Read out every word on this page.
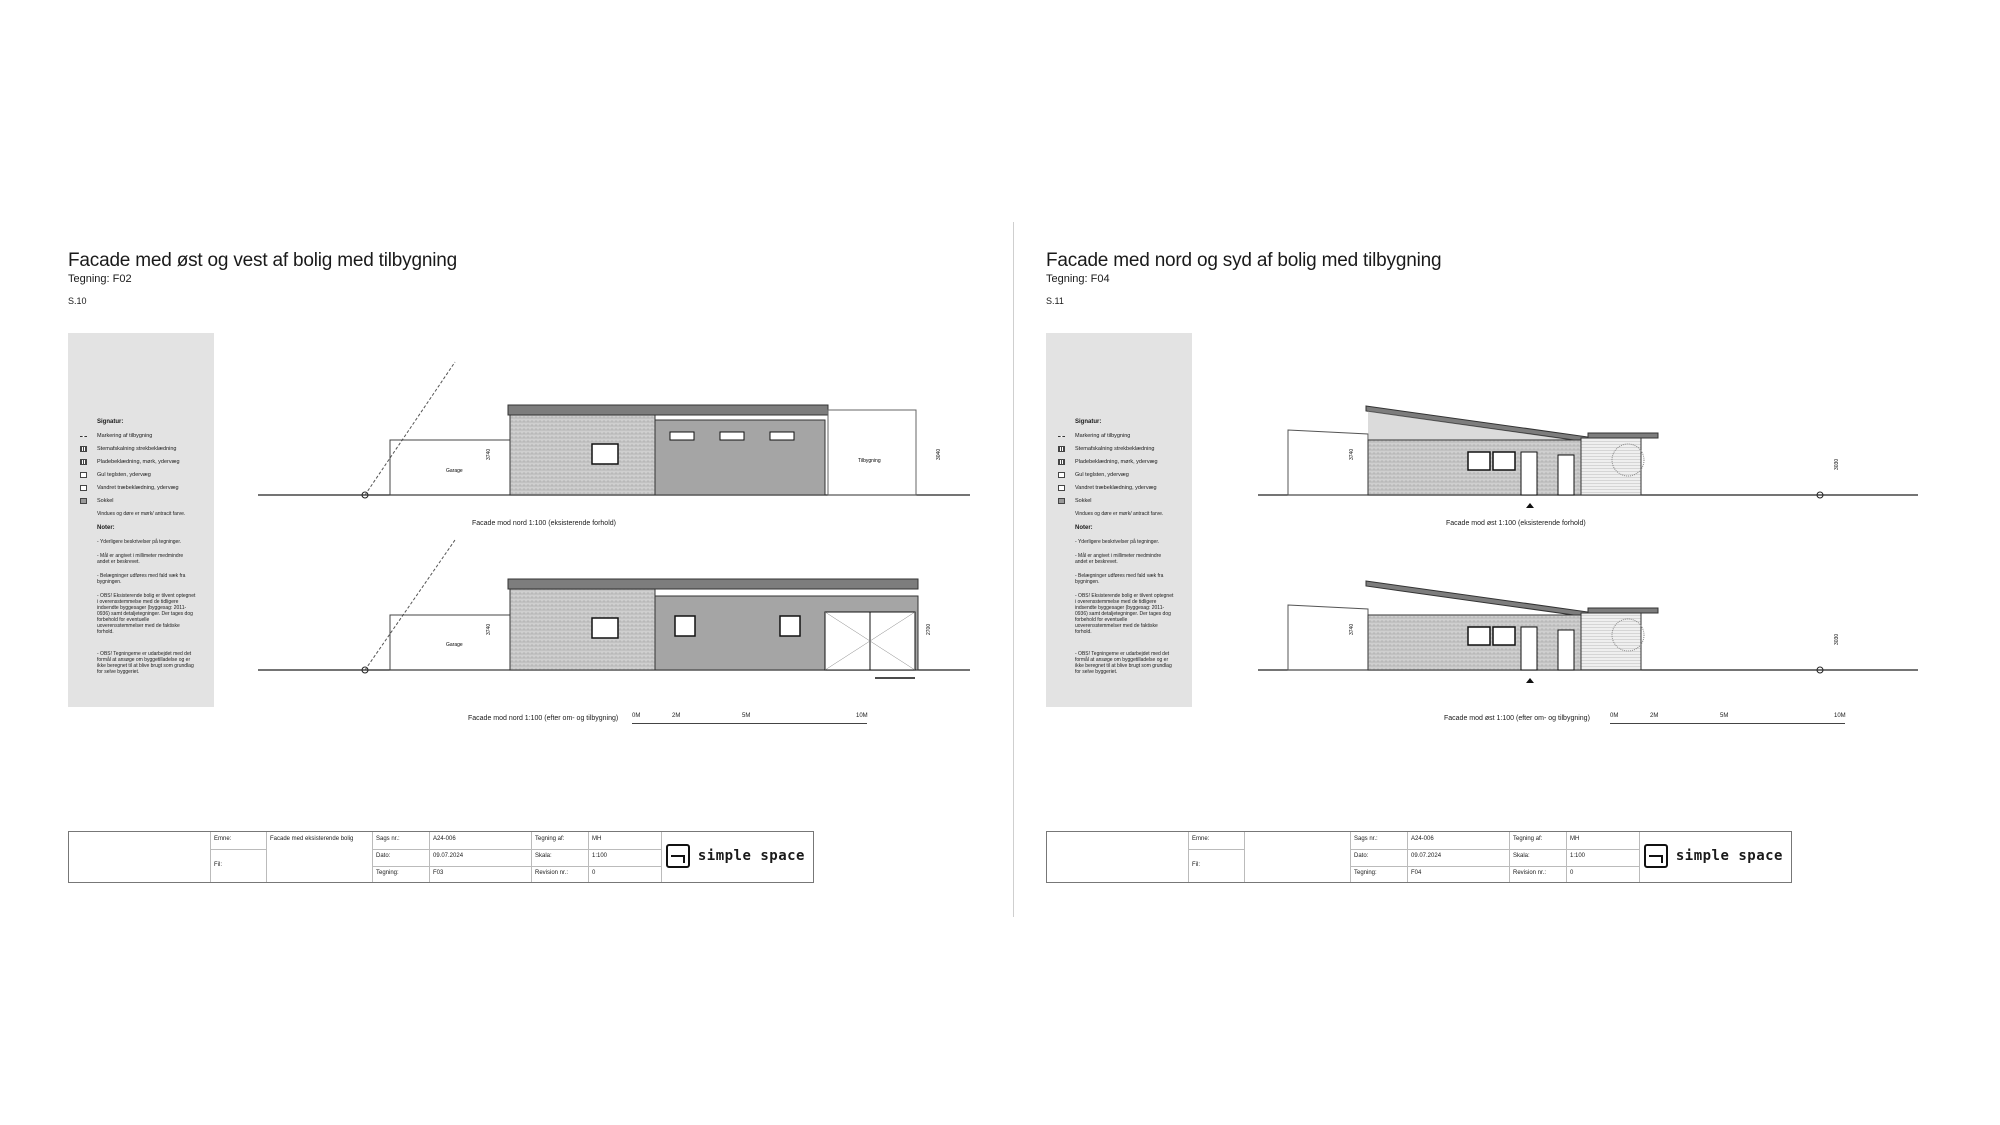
Facade med øst og vest af bolig med tilbygning
Tegning: F02
S.10
Signatur:
Markering af tilbygning
Stemafskalning strekbeklædning
Pladebeklædning, mørk, ydervæg
Gul teglsten, ydervæg
Vandret træbeklædning, ydervæg
Sokkel
Vindues og døre er mørk/ antracit farve.
Noter:
- Yderligere beskrivelser på tegninger.
- Mål er angivet i millimeter medmindre andet er beskrevet.
- Belægninger udføres med fald væk fra bygningen.
- OBS! Eksisterende bolig er tilvent optegnet i overensstemmelse med de tidligere indsendte byggesager (byggesag: 2011-0936) samt detaljetegninger. Der tages dog forbehold for eventuelle uoverensstemmelser med de faktiske forhold.
- OBS! Tegningerne er udarbejdet med det formål at ansøge om byggetilladelse og er ikke beregnet til at blive brugt som grundlag for selve byggeriet.
Garage
Tilbygning
3740	3040
Garage
3740	2700
Facade mod nord 1:100 (eksisterende forhold)
Facade mod nord 1:100 (efter om- og tilbygning) 0M	2M	5M	10M
Emne:	Facade med eksisterende bolig
Fil:
Sags nr.:	A24-006
Dato:	09.07.2024
Tegning:	F03
Tegning af:	MH
Skala:	1:100
Revision nr.:	0
simple space
Facade med nord og syd af bolig med tilbygning
Tegning: F04
S.11
Signatur:
Markering af tilbygning
Stemafskalning strekbeklædning
Pladebeklædning, mørk, ydervæg
Gul teglsten, ydervæg
Vandret træbeklædning, ydervæg
Sokkel
Vindues og døre er mørk/ antracit farve.
Noter:
- Yderligere beskrivelser på tegninger.
- Mål er angivet i millimeter medmindre andet er beskrevet.
- Belægninger udføres med fald væk fra bygningen.
- OBS! Eksisterende bolig er tilvent optegnet i overensstemmelse med de tidligere indsendte byggesager (byggesag: 2011-0936) samt detaljetegninger. Der tages dog forbehold for eventuelle uoverensstemmelser med de faktiske forhold.
- OBS! Tegningerne er udarbejdet med det formål at ansøge om byggetilladelse og er ikke beregnet til at blive brugt som grundlag for selve byggeriet.
3740
3030
3740
3030
Facade mod øst 1:100 (eksisterende forhold)
Facade mod øst 1:100 (efter om- og tilbygning)	0M	2M	5M	10M
Emne:
Fil:
Sags nr.:	A24-006
Dato:	09.07.2024
Tegning:	F04
Tegning af:	MH
Skala:	1:100
Revision nr.:	0
simple space
